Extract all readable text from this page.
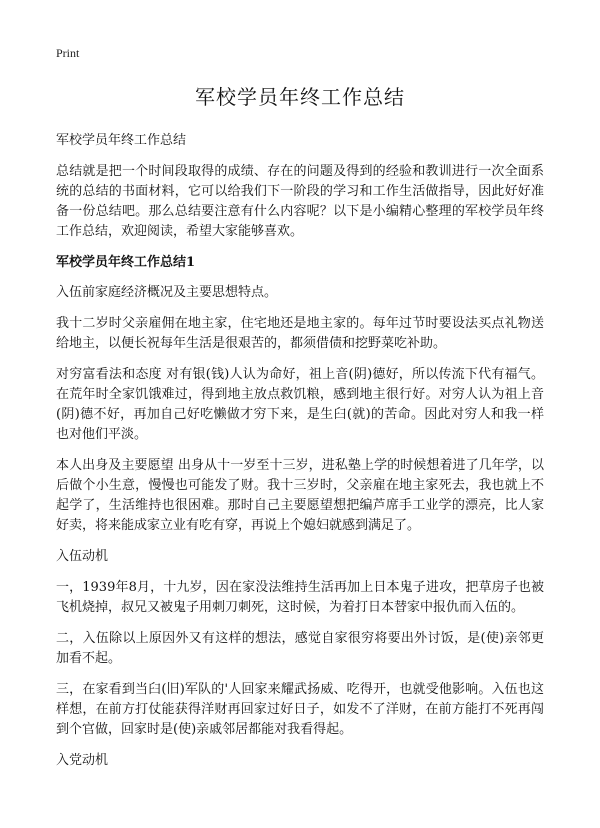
Print
军校学员年终工作总结
军校学员年终工作总结

总结就是把一个时间段取得的成绩、存在的问题及得到的经验和教训进行一次全面系统的总结的书面材料，它可以给我们下一阶段的学习和工作生活做指导，因此好好准备一份总结吧。那么总结要注意有什么内容呢？以下是小编精心整理的军校学员年终工作总结，欢迎阅读，希望大家能够喜欢。

军校学员年终工作总结1

入伍前家庭经济概况及主要思想特点。

我十二岁时父亲雇佣在地主家，住宅地还是地主家的。每年过节时要设法买点礼物送给地主，以便长祝每年生活是很艰苦的，都须借债和挖野菜吃补助。

对穷富看法和态度 对有银(钱)人认为命好，祖上音(阴)德好，所以传流下代有福气。在荒年时全家饥饿难过，得到地主放点救饥粮，感到地主很行好。对穷人认为祖上音(阴)德不好，再加自己好吃懒做才穷下来，是生臼(就)的苦命。因此对穷人和我一样也对他们平淡。

本人出身及主要愿望 出身从十一岁至十三岁，进私塾上学的时候想着进了几年学，以后做个小生意，慢慢也可能发了财。我十三岁时，父亲雇在地主家死去，我也就上不起学了，生活维持也很困难。那时自己主要愿望想把编芦席手工业学的漂亮，比人家好卖，将来能成家立业有吃有穿，再说上个媳妇就感到满足了。

入伍动机

一，1939年8月，十九岁，因在家没法维持生活再加上日本鬼子进攻，把草房子也被飞机烧掉，叔兄又被鬼子用刺刀刺死，这时候，为着打日本替家中报仇而入伍的。

二，入伍除以上原因外又有这样的想法，感觉自家很穷将要出外讨饭，是(使)亲邻更加看不起。

三，在家看到当臼(旧)军队的'人回家来耀武扬威、吃得开，也就受他影响。入伍也这样想，在前方打仗能获得洋财再回家过好日子，如发不了洋财，在前方能打不死再闯到个官做，回家时是(使)亲戚邻居都能对我看得起。

入党动机
